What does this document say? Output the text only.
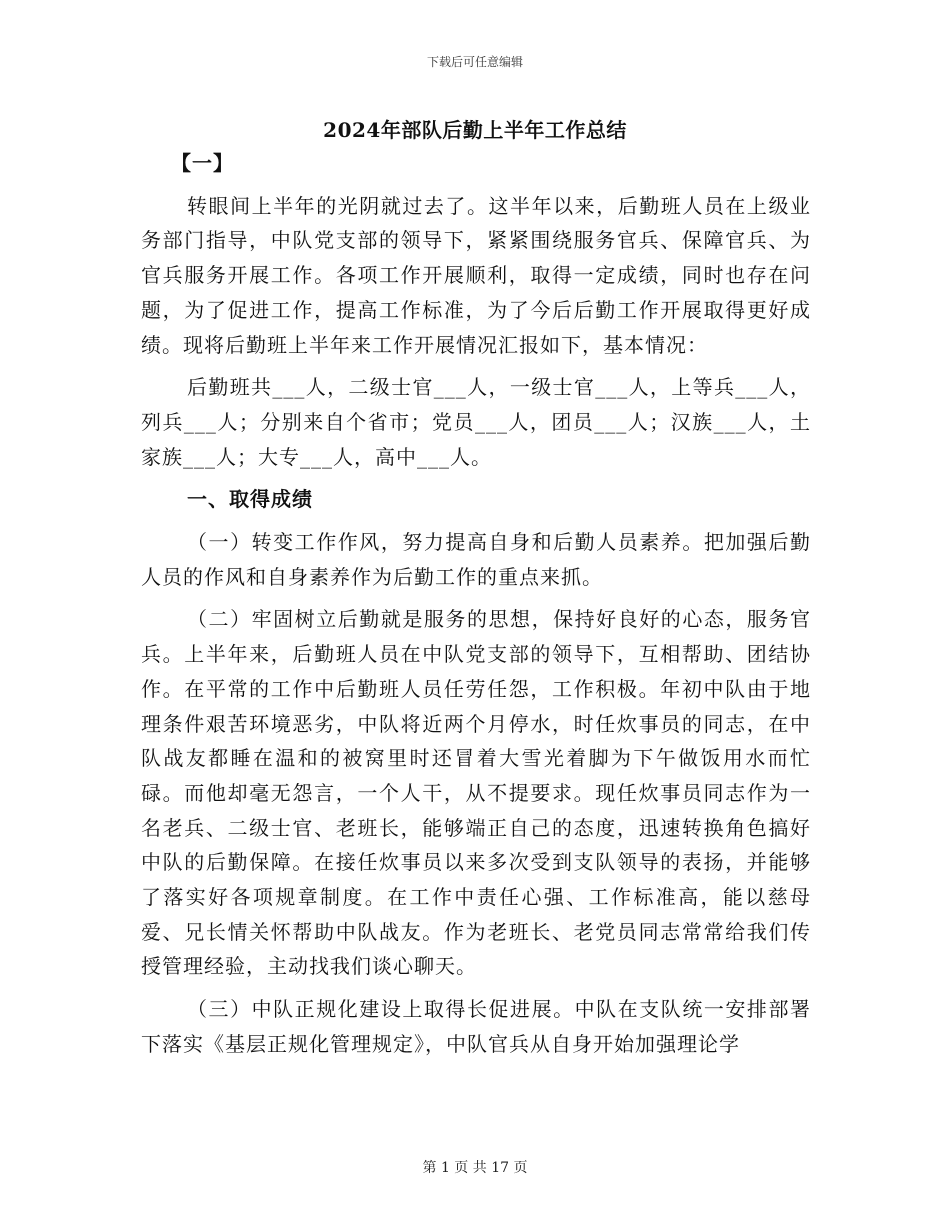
下载后可任意编辑
2024年部队后勤上半年工作总结

【一】

转眼间上半年的光阴就过去了。这半年以来，后勤班人员在上级业务部门指导，中队党支部的领导下，紧紧围绕服务官兵、保障官兵、为官兵服务开展工作。各项工作开展顺利，取得一定成绩，同时也存在问题，为了促进工作，提高工作标准，为了今后后勤工作开展取得更好成绩。现将后勤班上半年来工作开展情况汇报如下，基本情况：

后勤班共___人，二级士官___人，一级士官___人，上等兵___人，列兵___人；分别来自个省市；党员___人，团员___人；汉族___人，土家族___人；大专___人，高中___人。

一、取得成绩

（一）转变工作作风，努力提高自身和后勤人员素养。把加强后勤人员的作风和自身素养作为后勤工作的重点来抓。

（二）牢固树立后勤就是服务的思想，保持好良好的心态，服务官兵。上半年来，后勤班人员在中队党支部的领导下，互相帮助、团结协作。在平常的工作中后勤班人员任劳任怨，工作积极。年初中队由于地理条件艰苦环境恶劣，中队将近两个月停水，时任炊事员的同志，在中队战友都睡在温和的被窝里时还冒着大雪光着脚为下午做饭用水而忙碌。而他却毫无怨言，一个人干，从不提要求。现任炊事员同志作为一名老兵、二级士官、老班长，能够端正自己的态度，迅速转换角色搞好中队的后勤保障。在接任炊事员以来多次受到支队领导的表扬，并能够了落实好各项规章制度。在工作中责任心强、工作标准高，能以慈母爱、兄长情关怀帮助中队战友。作为老班长、老党员同志常常给我们传授管理经验，主动找我们谈心聊天。

（三）中队正规化建设上取得长促进展。中队在支队统一安排部署下落实《基层正规化管理规定》，中队官兵从自身开始加强理论学

第 1 页 共 17 页
